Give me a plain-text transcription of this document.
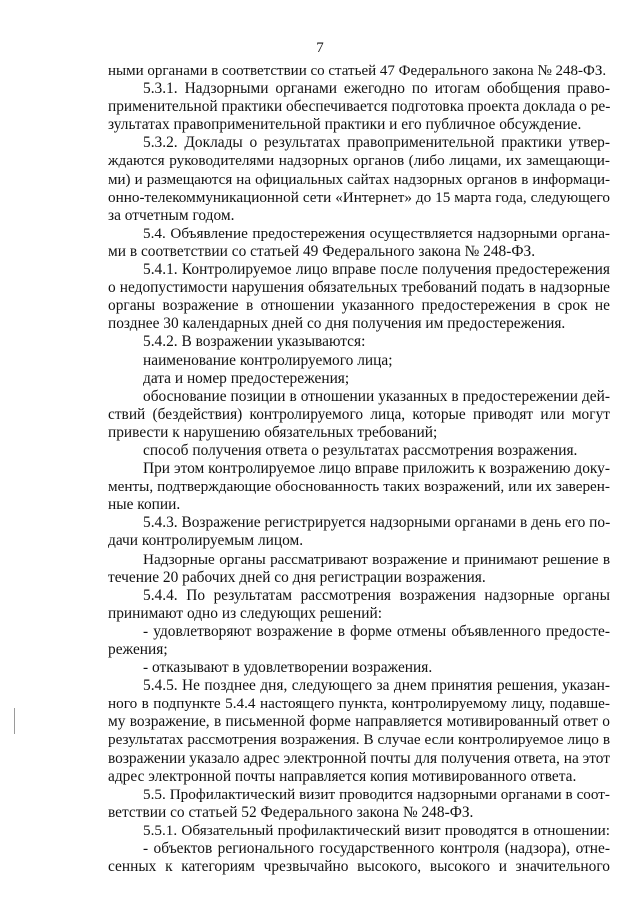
7
ными органами в соответствии со статьей 47 Федерального закона № 248-ФЗ.
5.3.1. Надзорными органами ежегодно по итогам обобщения право-
применительной практики обеспечивается подготовка проекта доклада о ре-
зультатах правоприменительной практики и его публичное обсуждение.
5.3.2. Доклады о результатах правоприменительной практики утвер-
ждаются руководителями надзорных органов (либо лицами, их замещающи-
ми) и размещаются на официальных сайтах надзорных органов в информаци-
онно-телекоммуникационной сети «Интернет» до 15 марта года, следующего
за отчетным годом.
5.4. Объявление предостережения осуществляется надзорными органа-
ми в соответствии со статьей 49 Федерального закона № 248-ФЗ.
5.4.1. Контролируемое лицо вправе после получения предостережения
о недопустимости нарушения обязательных требований подать в надзорные
органы возражение в отношении указанного предостережения в срок не
позднее 30 календарных дней со дня получения им предостережения.
5.4.2. В возражении указываются:
наименование контролируемого лица;
дата и номер предостережения;
обоснование позиции в отношении указанных в предостережении дей-
ствий (бездействия) контролируемого лица, которые приводят или могут
привести к нарушению обязательных требований;
способ получения ответа о результатах рассмотрения возражения.
При этом контролируемое лицо вправе приложить к возражению доку-
менты, подтверждающие обоснованность таких возражений, или их заверен-
ные копии.
5.4.3. Возражение регистрируется надзорными органами в день его по-
дачи контролируемым лицом.
Надзорные органы рассматривают возражение и принимают решение в
течение 20 рабочих дней со дня регистрации возражения.
5.4.4. По результатам рассмотрения возражения надзорные органы
принимают одно из следующих решений:
- удовлетворяют возражение в форме отмены объявленного предосте-
режения;
- отказывают в удовлетворении возражения.
5.4.5. Не позднее дня, следующего за днем принятия решения, указан-
ного в подпункте 5.4.4 настоящего пункта, контролируемому лицу, подавше-
му возражение, в письменной форме направляется мотивированный ответ о
результатах рассмотрения возражения. В случае если контролируемое лицо в
возражении указало адрес электронной почты для получения ответа, на этот
адрес электронной почты направляется копия мотивированного ответа.
5.5. Профилактический визит проводится надзорными органами в соот-
ветствии со статьей 52 Федерального закона № 248-ФЗ.
5.5.1. Обязательный профилактический визит проводятся в отношении:
- объектов регионального государственного контроля (надзора), отне-
сенных к категориям чрезвычайно высокого, высокого и значительного
